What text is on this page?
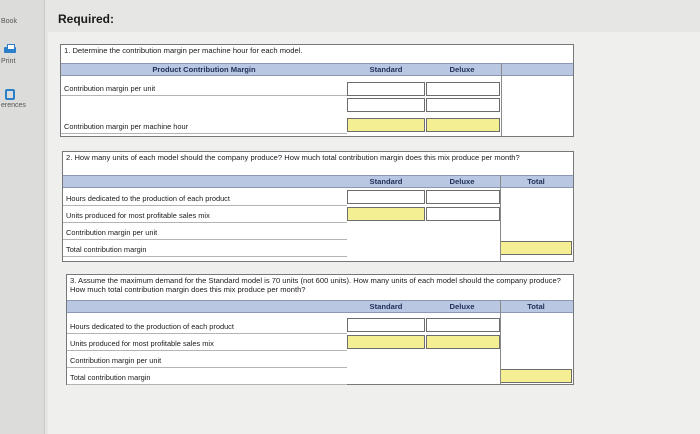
Book
Print
erences
Required:
1. Determine the contribution margin per machine hour for each model.
Product Contribution Margin	Standard	Deluxe
Contribution margin per unit
Contribution margin per machine hour
2. How many units of each model should the company produce? How much total contribution margin does this mix produce per month?
Standard	Deluxe	Total
Hours dedicated to the production of each product
Units produced for most profitable sales mix
Contribution margin per unit
Total contribution margin
3. Assume the maximum demand for the Standard model is 70 units (not 600 units). How many units of each model should the company produce? How much total contribution margin does this mix produce per month?
Standard	Deluxe	Total
Hours dedicated to the production of each product
Units produced for most profitable sales mix
Contribution margin per unit
Total contribution margin
